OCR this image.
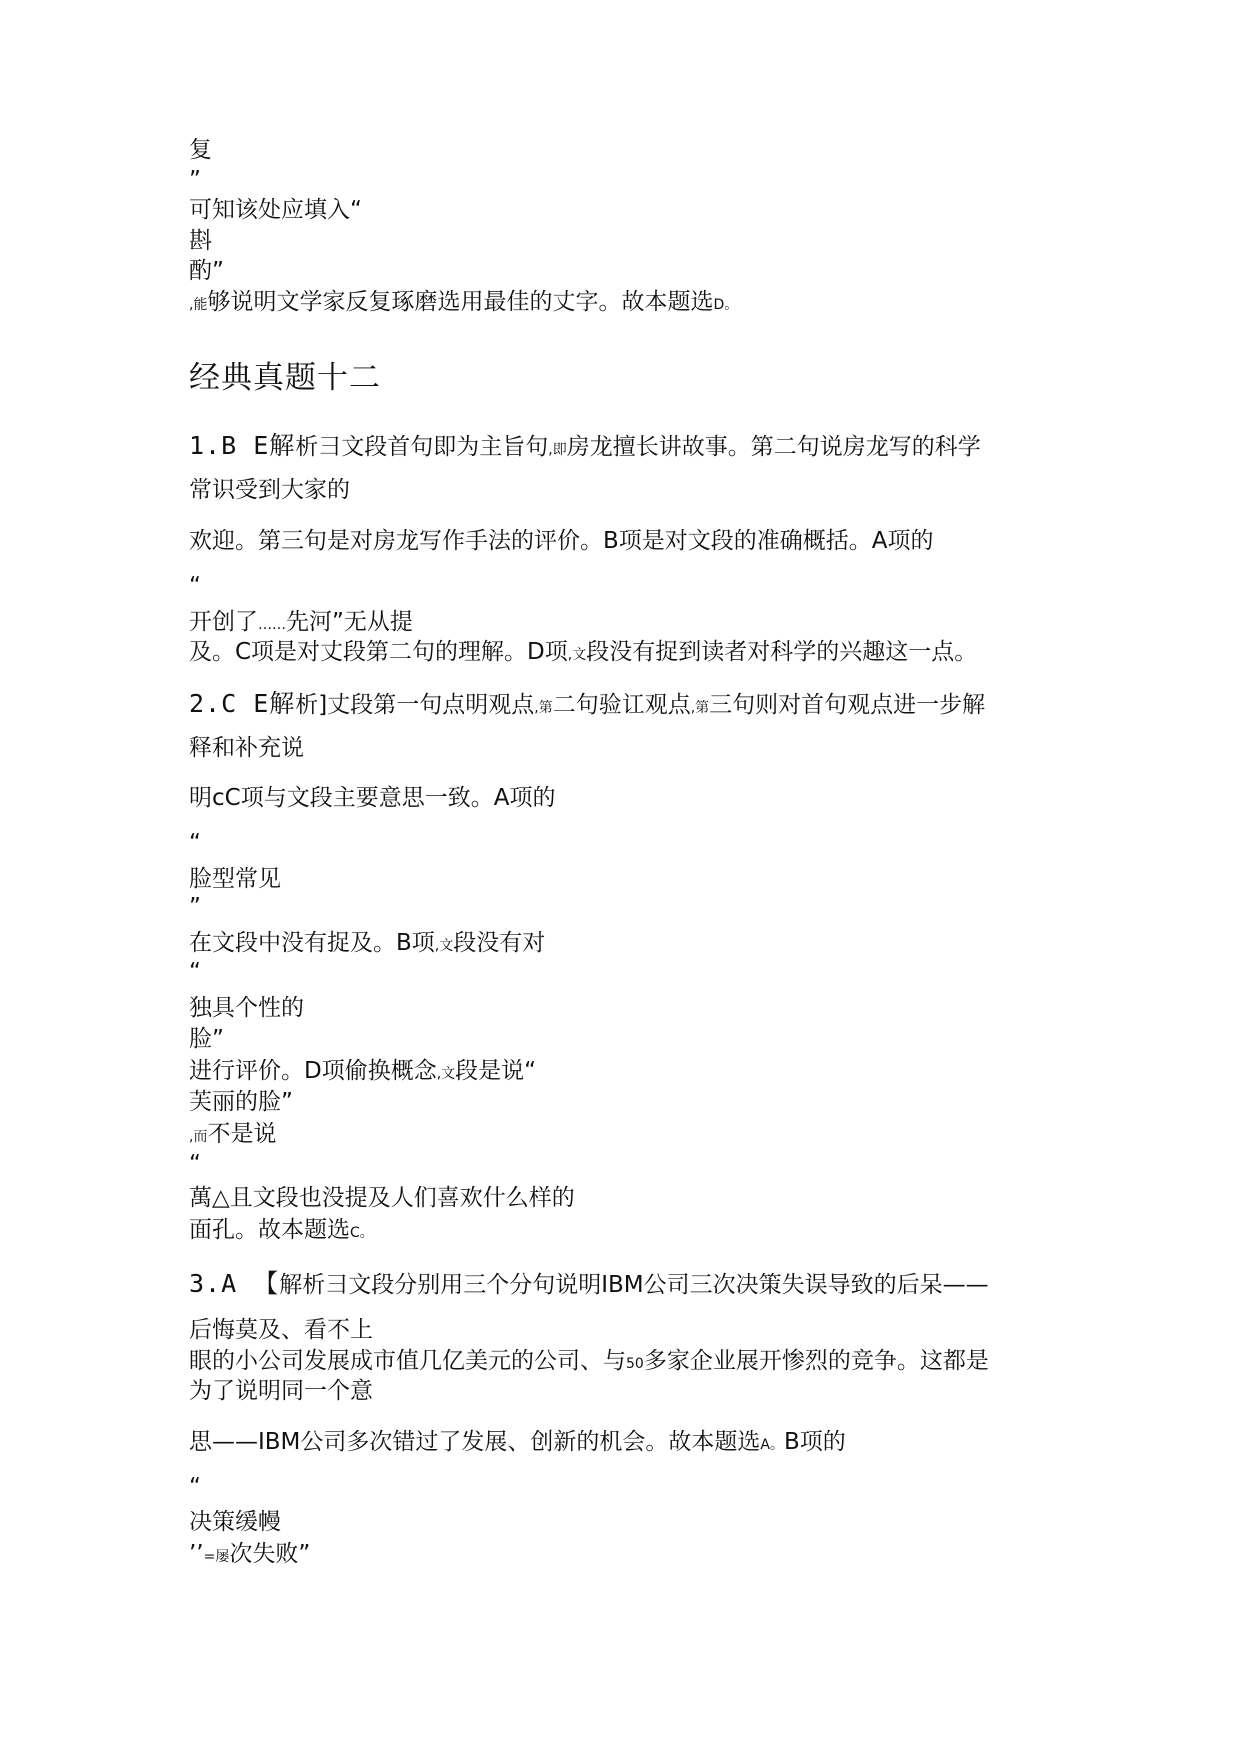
复
”
可知该处应填入“
斟
酌”
,能够说明文学家反复琢磨选用最佳的丈字。故本题选D。
经典真题十二
1.B E解析彐文段首句即为主旨句,即房龙擅长讲故事。第二句说房龙写的科学
常识受到大家的
欢迎。第三句是对房龙写作手法的评价。B项是对文段的准确概括。A项的
“
开创了……先河”无从提
及。C项是对丈段第二句的理解。D项,文段没有捉到读者对科学的兴趣这一点。
2.C E解析]丈段第一句点明观点,第二句验讧观点,第三句则对首句观点进一步解
释和补充说
明cC项与文段主要意思一致。A项的
“
脸型常见
”
在文段中没有捉及。B项,文段没有对
“
独具个性的
脸”
进行评价。D项偷换概念,文段是说“
芙丽的脸”
,而不是说
“
萬△且文段也没提及人们喜欢什么样的
面孔。故本题选C。
3.A 【解析彐文段分别用三个分句说明IBM公司三次决策失误导致的后呆——
后悔莫及、看不上
眼的小公司发展成市值几亿美元的公司、与50多家企业展开惨烈的竞争。这都是
为了说明同一个意
思——IBM公司多次错过了发展、创新的机会。故本题选A。B项的
“
决策缓幔
’’=屡次失败”
